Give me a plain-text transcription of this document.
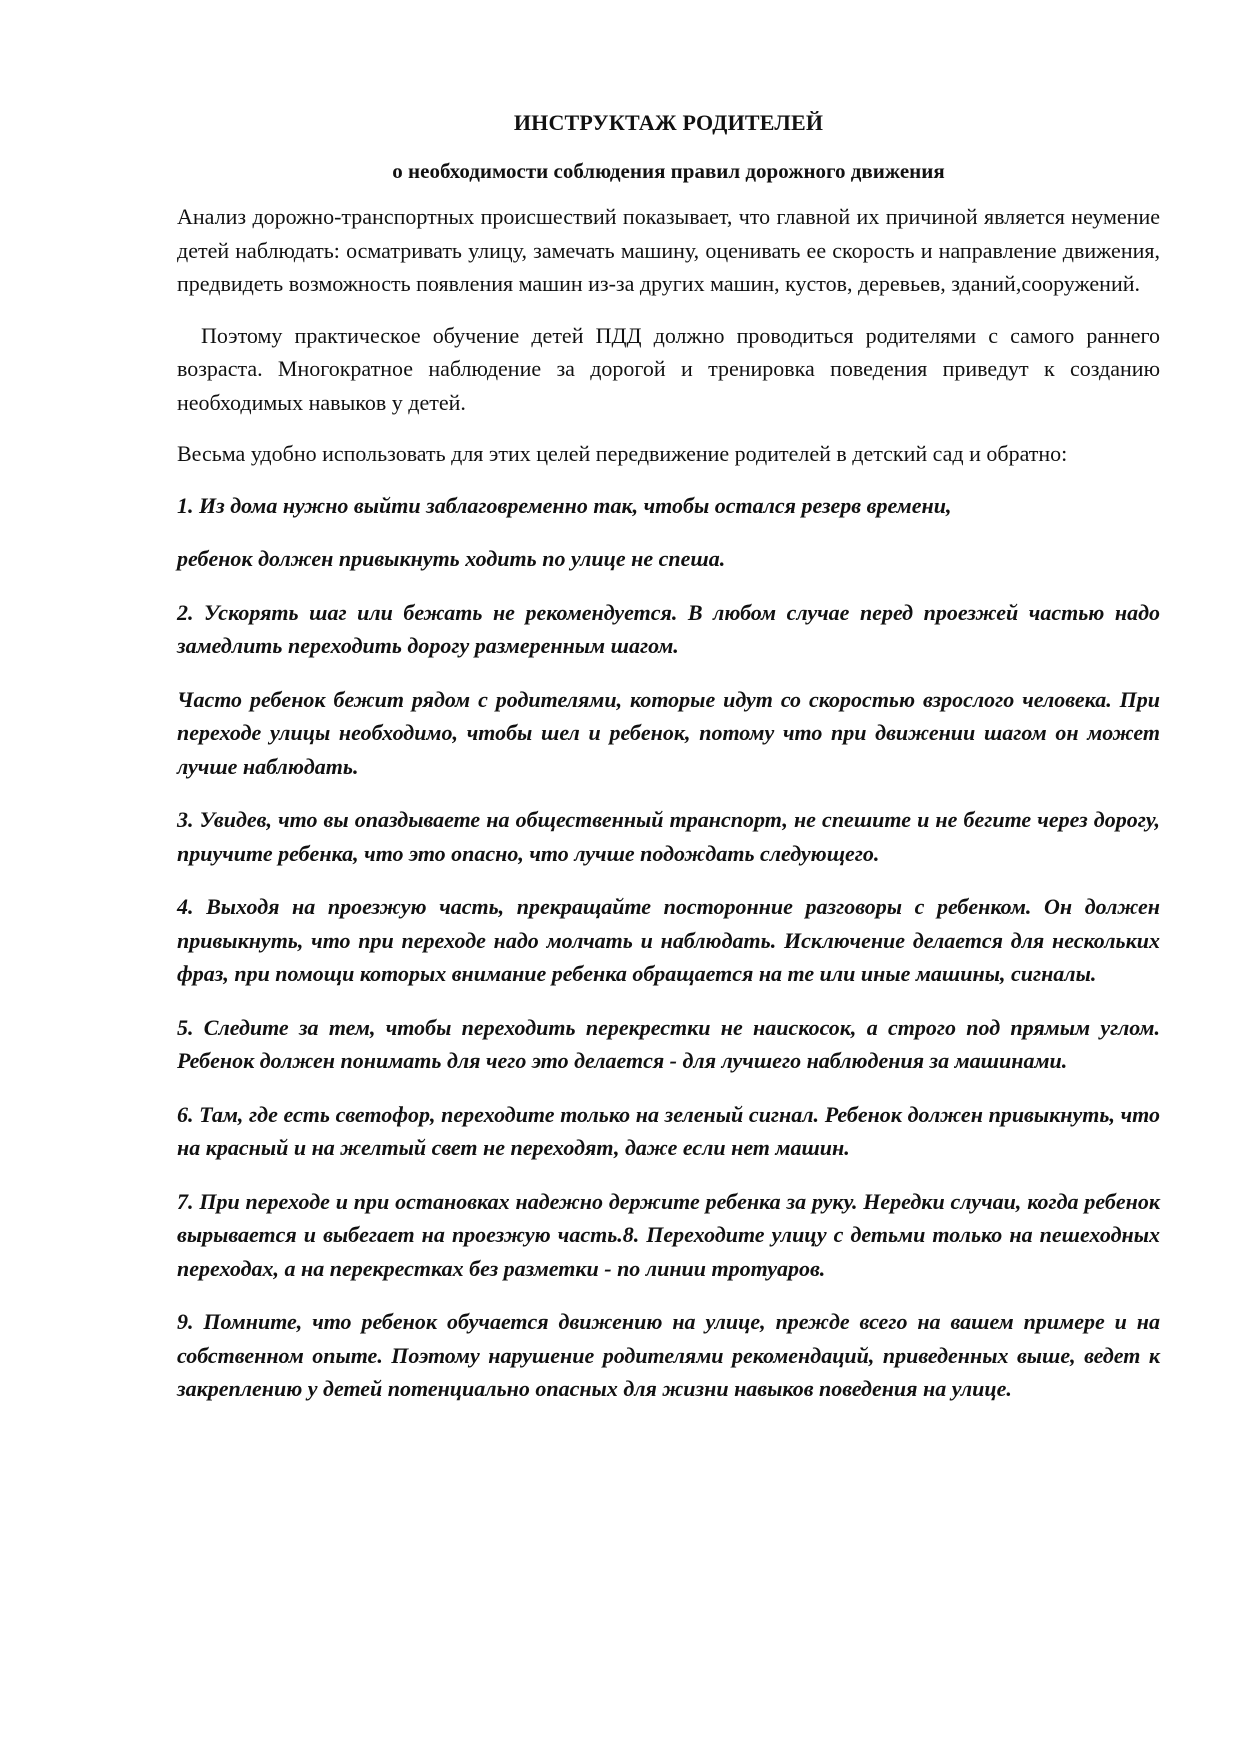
ИНСТРУКТАЖ РОДИТЕЛЕЙ
о необходимости соблюдения правил дорожного движения

Анализ дорожно-транспортных происшествий показывает, что главной их причиной является неумение детей наблюдать: осматривать улицу, замечать машину, оценивать ее скорость и направление движения, предвидеть возможность появления машин из-за других машин, кустов, деревьев, зданий,сооружений.

Поэтому практическое обучение детей ПДД должно проводиться родителями с самого раннего возраста. Многократное наблюдение за дорогой и тренировка поведения приведут к созданию необходимых навыков у детей.

Весьма удобно использовать для этих целей передвижение родителей в детский сад и обратно:

1. Из дома нужно выйти заблаговременно так, чтобы остался резерв времени,

ребенок должен привыкнуть ходить по улице не спеша.

2. Ускорять шаг или бежать не рекомендуется. В любом случае перед проезжей частью надо замедлить переходить дорогу размеренным шагом.

Часто ребенок бежит рядом с родителями, которые идут со скоростью взрослого человека. При переходе улицы необходимо, чтобы шел и ребенок, потому что при движении шагом он может лучше наблюдать.

3. Увидев, что вы опаздываете на общественный транспорт, не спешите и не бегите через дорогу, приучите ребенка, что это опасно, что лучше подождать следующего.

4. Выходя на проезжую часть, прекращайте посторонние разговоры с ребенком. Он должен привыкнуть, что при переходе надо молчать и наблюдать. Исключение делается для нескольких фраз, при помощи которых внимание ребенка обращается на те или иные машины, сигналы.

5. Следите за тем, чтобы переходить перекрестки не наискосок, а строго под прямым углом. Ребенок должен понимать для чего это делается - для лучшего наблюдения за машинами.

6. Там, где есть светофор, переходите только на зеленый сигнал. Ребенок должен привыкнуть, что на красный и на желтый свет не переходят, даже если нет машин.

7. При переходе и при остановках надежно держите ребенка за руку. Нередки случаи, когда ребенок вырывается и выбегает на проезжую часть.8. Переходите улицу с детьми только на пешеходных переходах, а на перекрестках без разметки - по линии тротуаров.

9. Помните, что ребенок обучается движению на улице, прежде всего на вашем примере и на собственном опыте. Поэтому нарушение родителями рекомендаций, приведенных выше, ведет к закреплению у детей потенциально опасных для жизни навыков поведения на улице.
